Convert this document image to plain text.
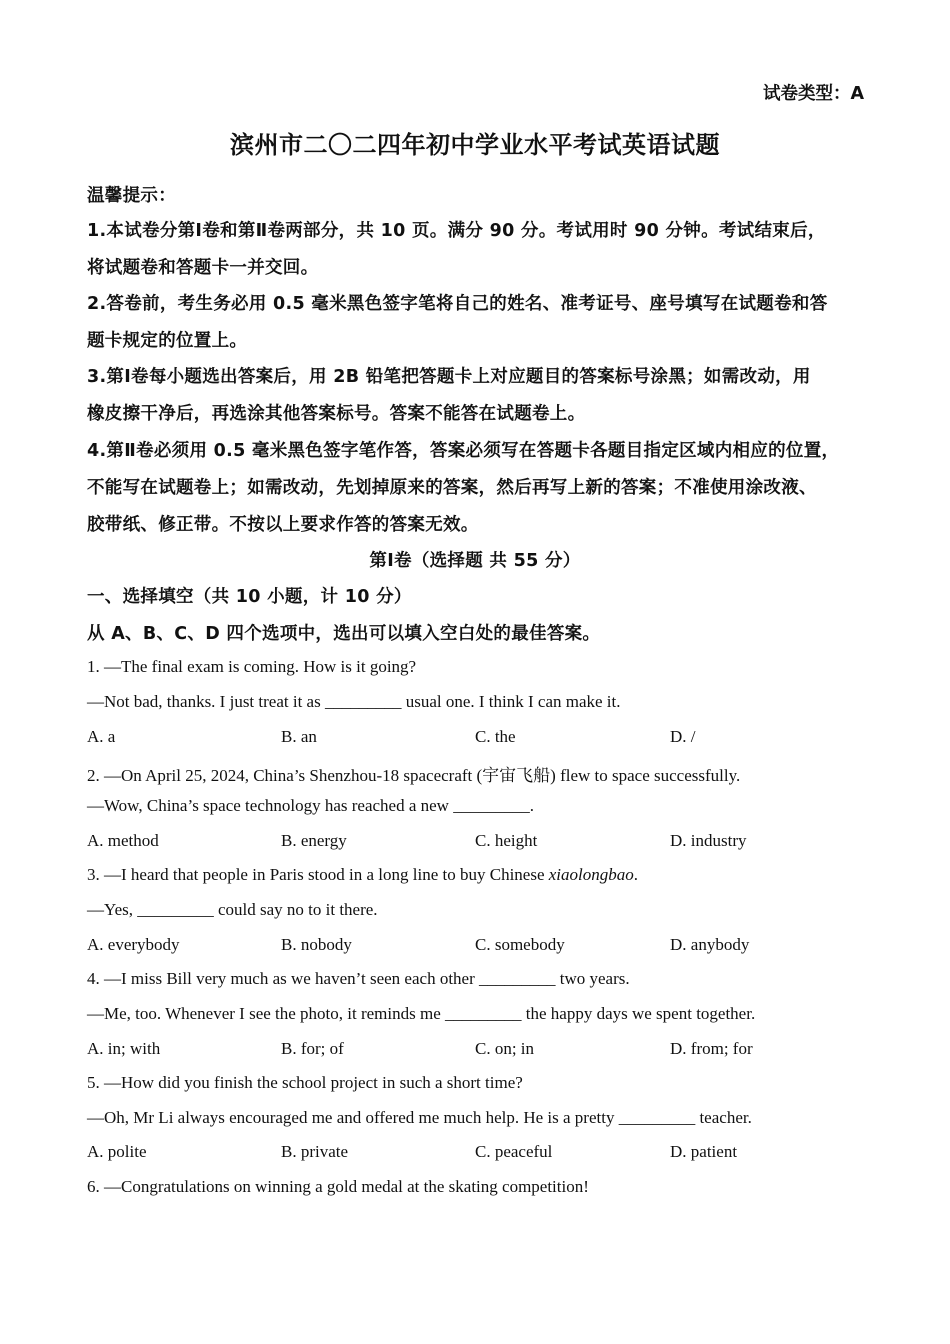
试卷类型：A
滨州市二〇二四年初中学业水平考试英语试题
温馨提示：
1.本试卷分第Ⅰ卷和第Ⅱ卷两部分，共 10 页。满分 90 分。考试用时 90 分钟。考试结束后，
将试题卷和答题卡一并交回。
2.答卷前，考生务必用 0.5 毫米黑色签字笔将自己的姓名、准考证号、座号填写在试题卷和答
题卡规定的位置上。
3.第Ⅰ卷每小题选出答案后，用 2B 铅笔把答题卡上对应题目的答案标号涂黑；如需改动，用
橡皮擦干净后，再选涂其他答案标号。答案不能答在试题卷上。
4.第Ⅱ卷必须用 0.5 毫米黑色签字笔作答，答案必须写在答题卡各题目指定区域内相应的位置，
不能写在试题卷上；如需改动，先划掉原来的答案，然后再写上新的答案；不准使用涂改液、
胶带纸、修正带。不按以上要求作答的答案无效。
第Ⅰ卷（选择题 共 55 分）
一、选择填空（共 10 小题，计 10 分）
从 A、B、C、D 四个选项中，选出可以填入空白处的最佳答案。
1. —The final exam is coming. How is it going?
—Not bad, thanks. I just treat it as _________ usual one. I think I can make it.
A. a	B. an	C. the	D. /
2. —On April 25, 2024, China’s Shenzhou-18 spacecraft (宇宙飞船) flew to space successfully.
—Wow, China’s space technology has reached a new _________.
A. method	B. energy	C. height	D. industry
3. —I heard that people in Paris stood in a long line to buy Chinese xiaolongbao.
—Yes, _________ could say no to it there.
A. everybody	B. nobody	C. somebody	D. anybody
4. —I miss Bill very much as we haven’t seen each other _________ two years.
—Me, too. Whenever I see the photo, it reminds me _________ the happy days we spent together.
A. in; with	B. for; of	C. on; in	D. from; for
5. —How did you finish the school project in such a short time?
—Oh, Mr Li always encouraged me and offered me much help. He is a pretty _________ teacher.
A. polite	B. private	C. peaceful	D. patient
6. —Congratulations on winning a gold medal at the skating competition!
